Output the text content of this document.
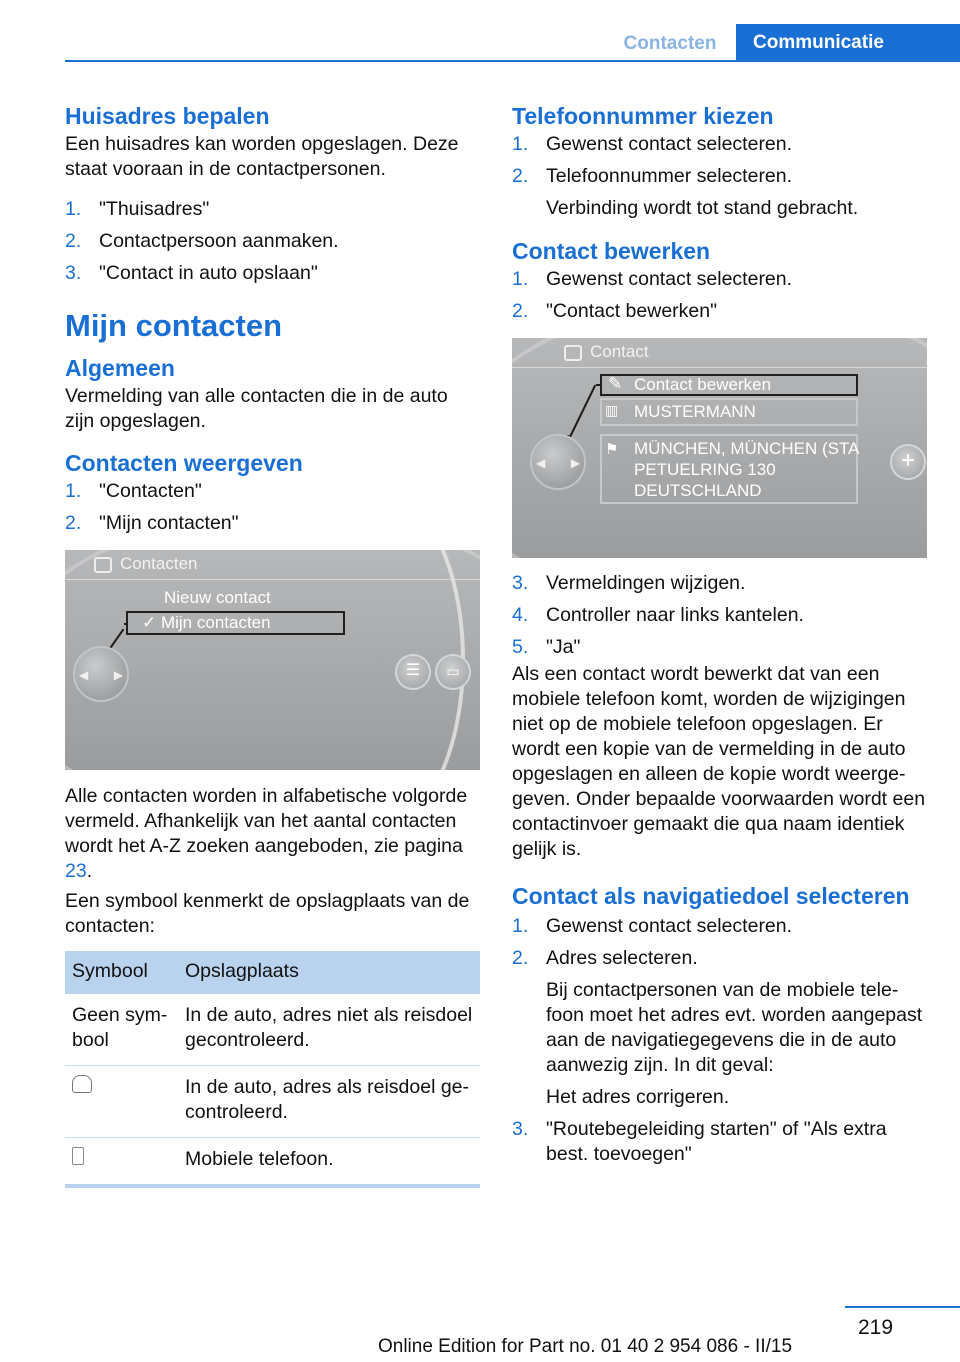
Contacten	Communicatie
Huisadres bepalen

Een huisadres kan worden opgeslagen. Deze staat vooraan in de contactpersonen.

1. "Thuisadres"
2. Contactpersoon aanmaken.
3. "Contact in auto opslaan"
Mijn contacten
Algemeen

Vermelding van alle contacten die in de auto zijn opgeslagen.

Contacten weergeven
1. "Contacten"
2. "Mijn contacten"
Contacten
Nieuw contact
✓ Mijn contacten
◀ ▶	☰	▭

Alle contacten worden in alfabetische volgorde vermeld. Afhankelijk van het aantal contacten wordt het A-Z zoeken aangeboden, zie pagina 23.

Een symbool kenmerkt de opslagplaats van de contacten:

Symbool	Opslagplaats
Geen symbool	In de auto, adres niet als reisdoel gecontroleerd.
	In de auto, adres als reisdoel gecontroleerd.
	Mobiele telefoon.
Telefoonnummer kiezen
1. Gewenst contact selecteren.
2. Telefoonnummer selecteren.
Verbinding wordt tot stand gebracht.
Contact bewerken
1. Gewenst contact selecteren.
2. "Contact bewerken"
Contact
✎ Contact bewerken
▥ MUSTERMANN
⚑ MÜNCHEN, MÜNCHEN (STA
PETUELRING 130
DEUTSCHLAND
◀ ▶	+
3. Vermeldingen wijzigen.
4. Controller naar links kantelen.
5. "Ja"

Als een contact wordt bewerkt dat van een mobiele telefoon komt, worden de wijzigingen niet op de mobiele telefoon opgeslagen. Er wordt een kopie van de vermelding in de auto opgeslagen en alleen de kopie wordt weergegeven. Onder bepaalde voorwaarden wordt een contactinvoer gemaakt die qua naam identiek gelijk is.

Contact als navigatiedoel selecteren
1. Gewenst contact selecteren.
2. Adres selecteren.
Bij contactpersonen van de mobiele telefoon moet het adres evt. worden aangepast aan de navigatiegegevens die in de auto aanwezig zijn. In dit geval:
Het adres corrigeren.
3. "Routebegeleiding starten" of "Als extra best. toevoegen"
219
Online Edition for Part no. 01 40 2 954 086 - II/15
